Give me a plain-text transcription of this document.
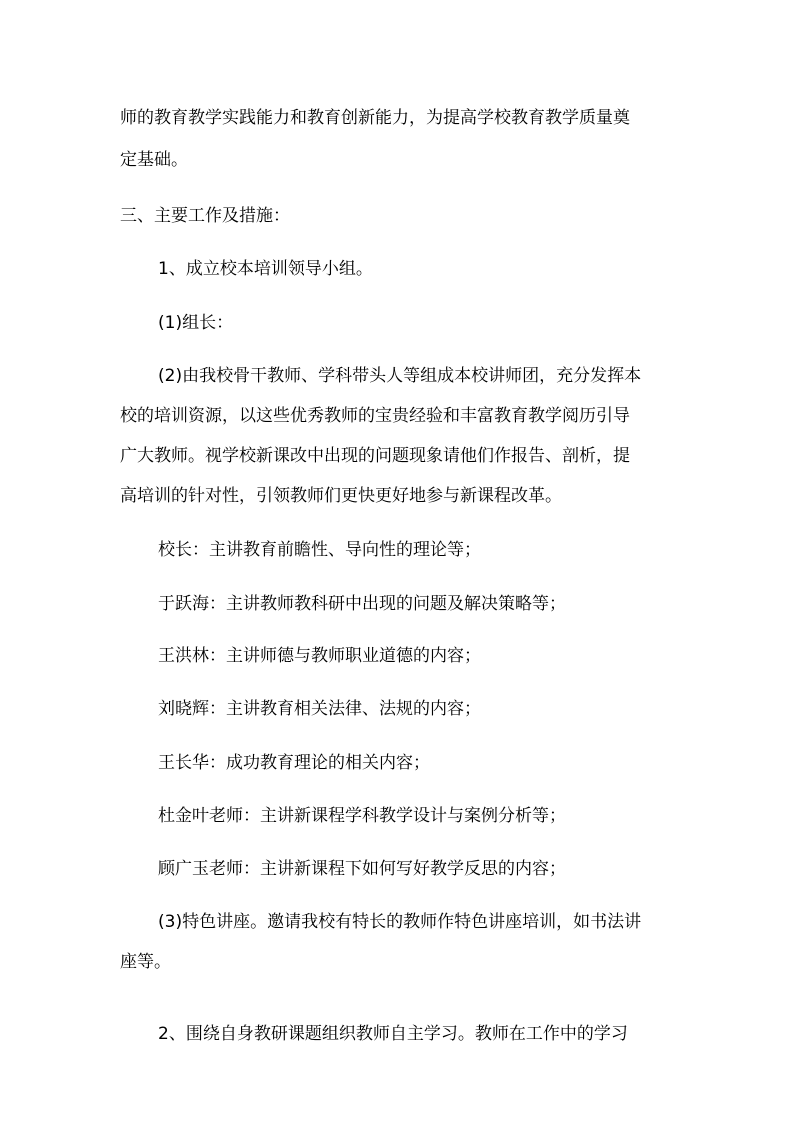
师的教育教学实践能力和教育创新能力，为提高学校教育教学质量奠

定基础。

三、主要工作及措施：

1、成立校本培训领导小组。

(1)组长：

(2)由我校骨干教师、学科带头人等组成本校讲师团，充分发挥本

校的培训资源，以这些优秀教师的宝贵经验和丰富教育教学阅历引导

广大教师。视学校新课改中出现的问题现象请他们作报告、剖析，提

高培训的针对性，引领教师们更快更好地参与新课程改革。

校长：主讲教育前瞻性、导向性的理论等；

于跃海：主讲教师教科研中出现的问题及解决策略等；

王洪林：主讲师德与教师职业道德的内容；

刘晓辉：主讲教育相关法律、法规的内容；

王长华：成功教育理论的相关内容；

杜金叶老师：主讲新课程学科教学设计与案例分析等；

顾广玉老师：主讲新课程下如何写好教学反思的内容；

(3)特色讲座。邀请我校有特长的教师作特色讲座培训，如书法讲

座等。

2、围绕自身教研课题组织教师自主学习。教师在工作中的学习
